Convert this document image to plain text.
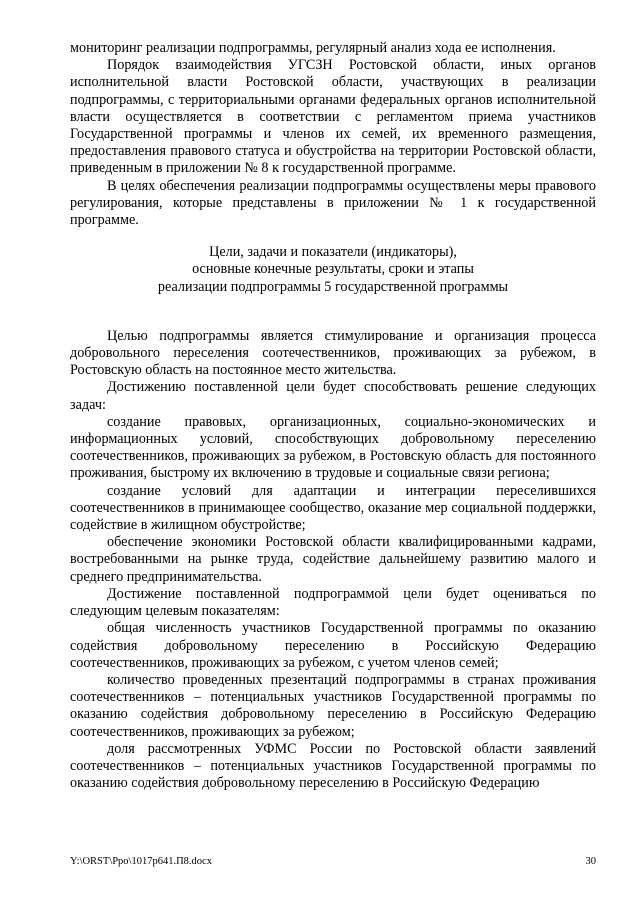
мониторинг реализации подпрограммы, регулярный анализ хода ее исполнения.

Порядок взаимодействия УГСЗН Ростовской области, иных органов исполнительной власти Ростовской области, участвующих в реализации подпрограммы, с территориальными органами федеральных органов исполнительной власти осуществляется в соответствии с регламентом приема участников Государственной программы и членов их семей, их временного размещения, предоставления правового статуса и обустройства на территории Ростовской области, приведенным в приложении № 8 к государственной программе.

В целях обеспечения реализации подпрограммы осуществлены меры правового регулирования, которые представлены в приложении № 1 к государственной программе.

Цели, задачи и показатели (индикаторы),
основные конечные результаты, сроки и этапы
реализации подпрограммы 5 государственной программы

Целью подпрограммы является стимулирование и организация процесса добровольного переселения соотечественников, проживающих за рубежом, в Ростовскую область на постоянное место жительства.

Достижению поставленной цели будет способствовать решение следующих задач:

создание правовых, организационных, социально-экономических и информационных условий, способствующих добровольному переселению соотечественников, проживающих за рубежом, в Ростовскую область для постоянного проживания, быстрому их включению в трудовые и социальные связи региона;

создание условий для адаптации и интеграции переселившихся соотечественников в принимающее сообщество, оказание мер социальной поддержки, содействие в жилищном обустройстве;

обеспечение экономики Ростовской области квалифицированными кадрами, востребованными на рынке труда, содействие дальнейшему развитию малого и среднего предпринимательства.

Достижение поставленной подпрограммой цели будет оцениваться по следующим целевым показателям:

общая численность участников Государственной программы по оказанию содействия добровольному переселению в Российскую Федерацию соотечественников, проживающих за рубежом, с учетом членов семей;

количество проведенных презентаций подпрограммы в странах проживания соотечественников – потенциальных участников Государственной программы по оказанию содействия добровольному переселению в Российскую Федерацию соотечественников, проживающих за рубежом;

доля рассмотренных УФМС России по Ростовской области заявлений соотечественников – потенциальных участников Государственной программы по оказанию содействия добровольному переселению в Российскую Федерацию

Y:\ORST\Ppo\1017p641.П8.docx	30
